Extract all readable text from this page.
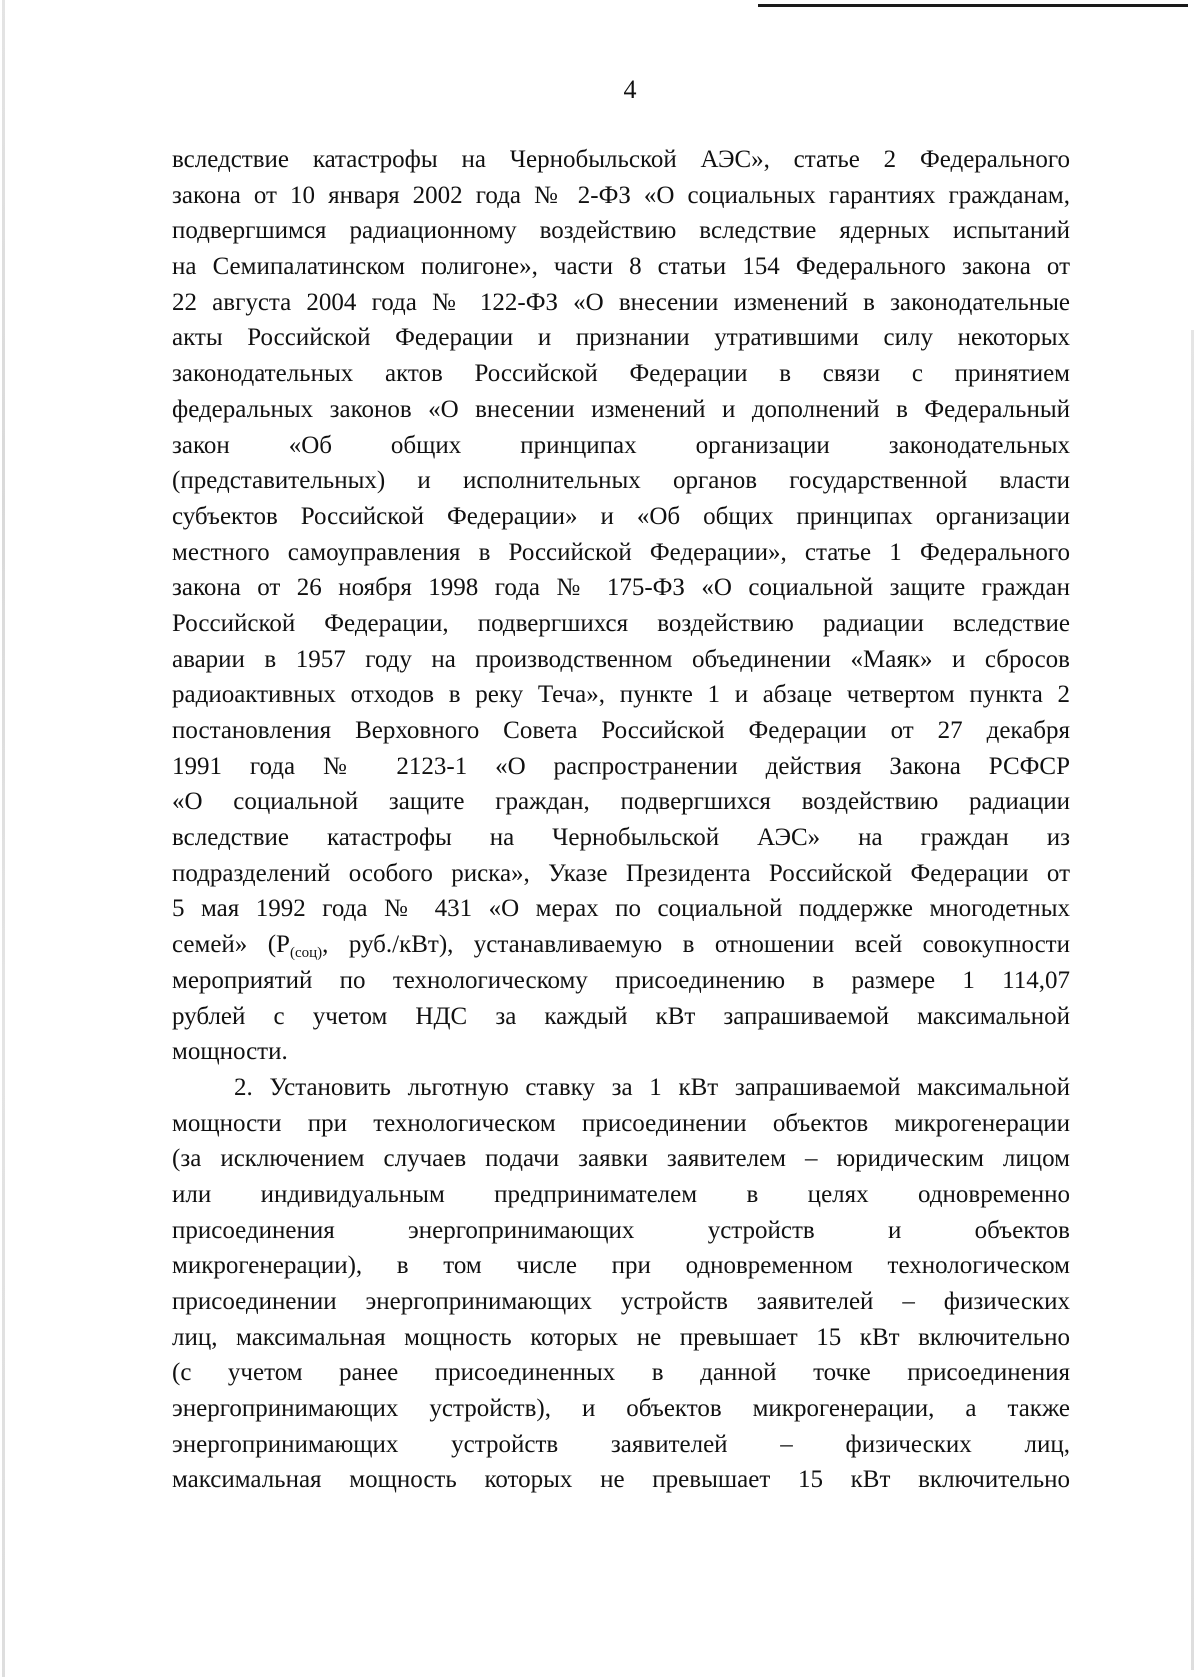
4
вследствие катастрофы на Чернобыльской АЭС», статье 2 Федерального
закона от 10 января 2002 года № 2-ФЗ «О социальных гарантиях гражданам,
подвергшимся радиационному воздействию вследствие ядерных испытаний
на Семипалатинском полигоне», части 8 статьи 154 Федерального закона от
22 августа 2004 года № 122-ФЗ «О внесении изменений в законодательные
акты Российской Федерации и признании утратившими силу некоторых
законодательных актов Российской Федерации в связи с принятием
федеральных законов «О внесении изменений и дополнений в Федеральный
закон «Об общих принципах организации законодательных
(представительных) и исполнительных органов государственной власти
субъектов Российской Федерации» и «Об общих принципах организации
местного самоуправления в Российской Федерации», статье 1 Федерального
закона от 26 ноября 1998 года № 175-ФЗ «О социальной защите граждан
Российской Федерации, подвергшихся воздействию радиации вследствие
аварии в 1957 году на производственном объединении «Маяк» и сбросов
радиоактивных отходов в реку Теча», пункте 1 и абзаце четвертом пункта 2
постановления Верховного Совета Российской Федерации от 27 декабря
1991 года № 2123-1 «О распространении действия Закона РСФСР
«О социальной защите граждан, подвергшихся воздействию радиации
вследствие катастрофы на Чернобыльской АЭС» на граждан из
подразделений особого риска», Указе Президента Российской Федерации от
5 мая 1992 года № 431 «О мерах по социальной поддержке многодетных
семей» ($Р_{(соц)}$, руб./кВт), устанавливаемую в отношении всей совокупности
мероприятий по технологическому присоединению в размере 1 114,07
рублей с учетом НДС за каждый кВт запрашиваемой максимальной
мощности.
2. Установить льготную ставку за 1 кВт запрашиваемой максимальной
мощности при технологическом присоединении объектов микрогенерации
(за исключением случаев подачи заявки заявителем – юридическим лицом
или индивидуальным предпринимателем в целях одновременно
присоединения энергопринимающих устройств и объектов
микрогенерации), в том числе при одновременном технологическом
присоединении энергопринимающих устройств заявителей – физических
лиц, максимальная мощность которых не превышает 15 кВт включительно
(с учетом ранее присоединенных в данной точке присоединения
энергопринимающих устройств), и объектов микрогенерации, а также
энергопринимающих устройств заявителей – физических лиц,
максимальная мощность которых не превышает 15 кВт включительно
